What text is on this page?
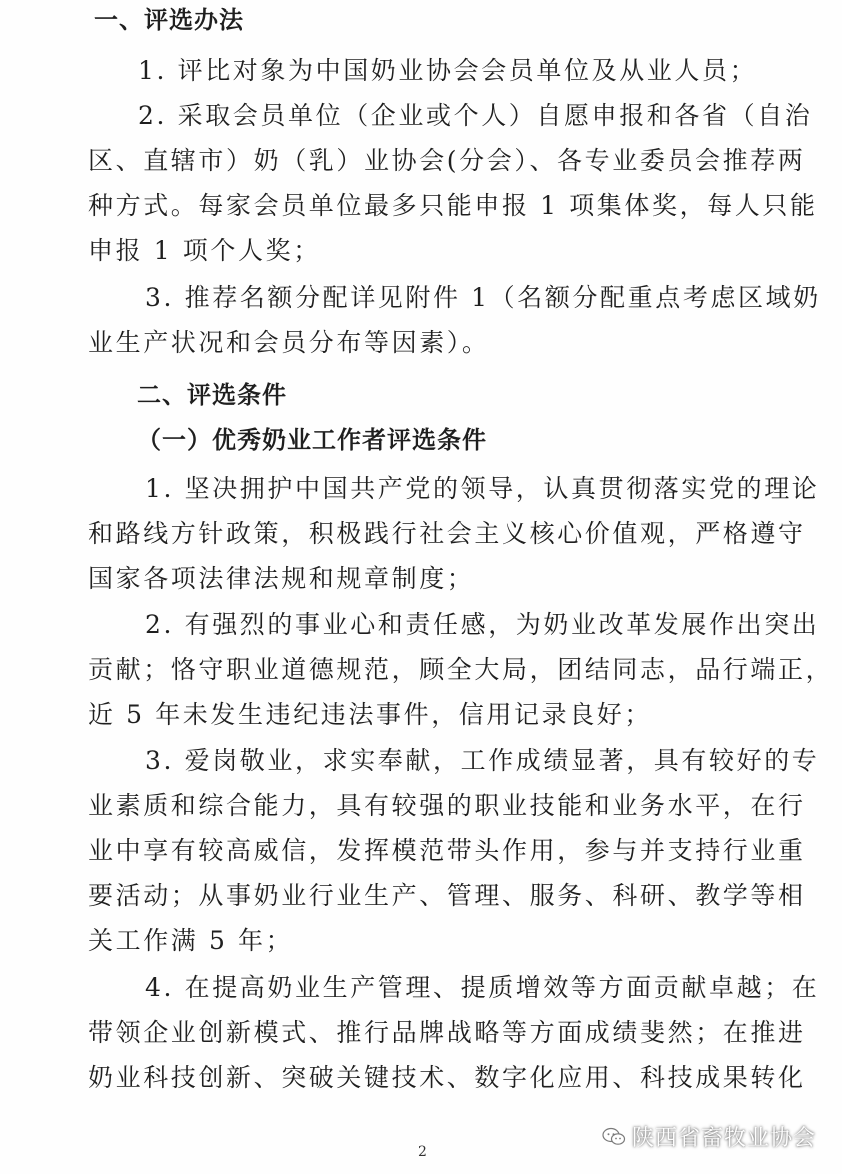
一、评选办法
1. 评比对象为中国奶业协会会员单位及从业人员；
2. 采取会员单位（企业或个人）自愿申报和各省（自治
区、直辖市）奶（乳）业协会(分会）、各专业委员会推荐两
种方式。每家会员单位最多只能申报 1 项集体奖，每人只能
申报 1 项个人奖；
3. 推荐名额分配详见附件 1（名额分配重点考虑区域奶
业生产状况和会员分布等因素）。
二、评选条件
（一）优秀奶业工作者评选条件
1. 坚决拥护中国共产党的领导，认真贯彻落实党的理论
和路线方针政策，积极践行社会主义核心价值观，严格遵守
国家各项法律法规和规章制度；
2. 有强烈的事业心和责任感，为奶业改革发展作出突出
贡献；恪守职业道德规范，顾全大局，团结同志，品行端正，
近 5 年未发生违纪违法事件，信用记录良好；
3. 爱岗敬业，求实奉献，工作成绩显著，具有较好的专
业素质和综合能力，具有较强的职业技能和业务水平，在行
业中享有较高威信，发挥模范带头作用，参与并支持行业重
要活动；从事奶业行业生产、管理、服务、科研、教学等相
关工作满 5 年；
4. 在提高奶业生产管理、提质增效等方面贡献卓越；在
带领企业创新模式、推行品牌战略等方面成绩斐然；在推进
奶业科技创新、突破关键技术、数字化应用、科技成果转化
2
陕西省畜牧业协会
